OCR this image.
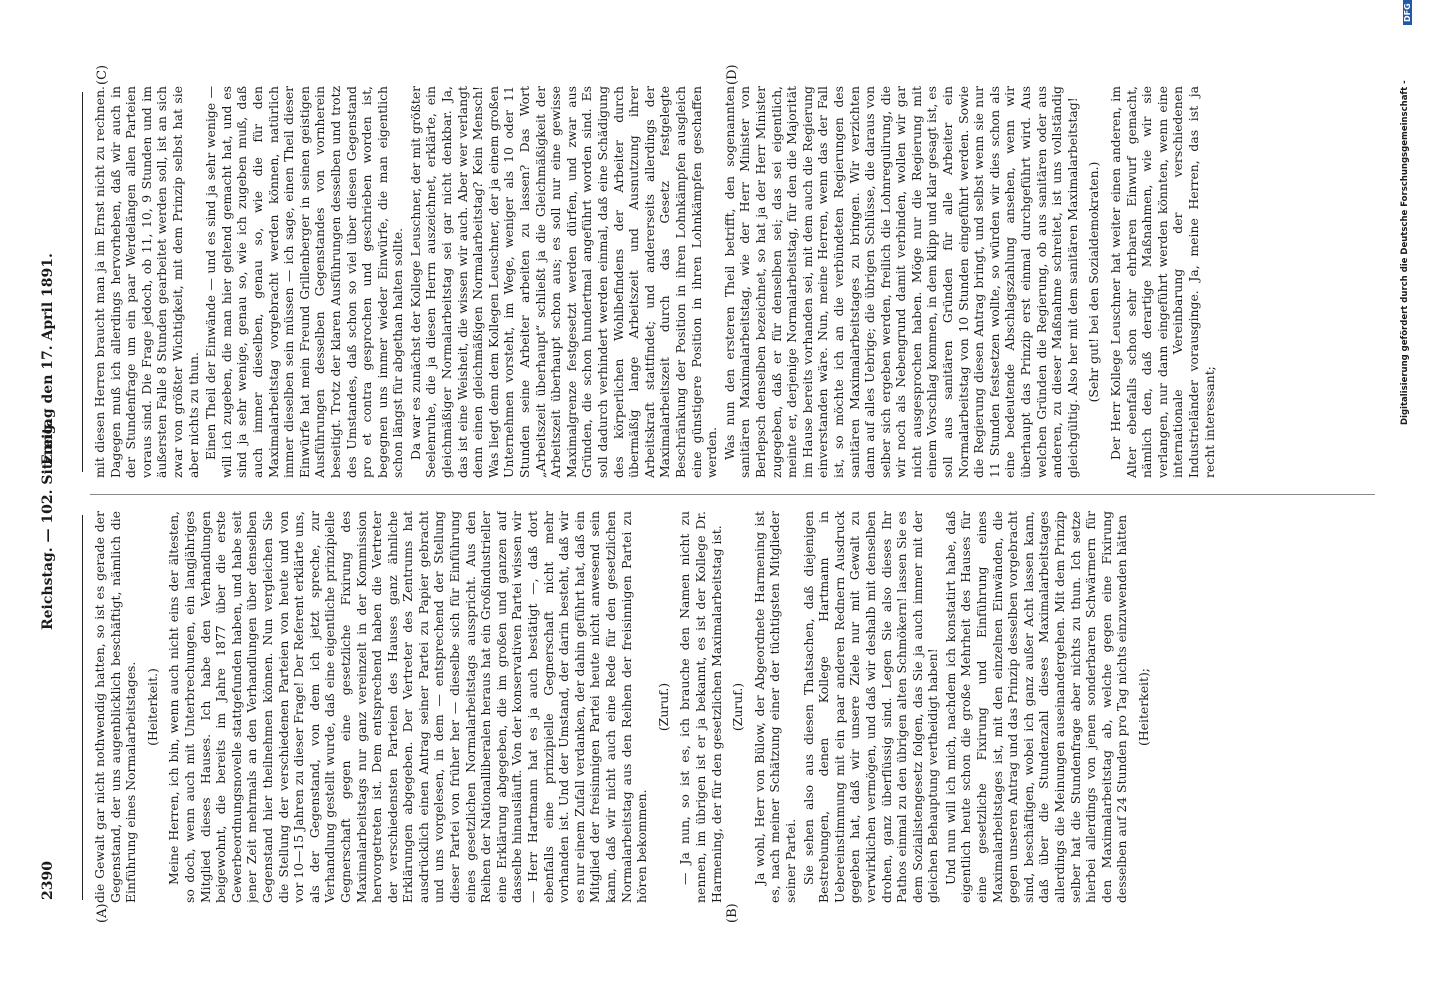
2390
Reichstag. — 102. Sitzung.
Freitag den 17. April 1891.
(A)	(B)
(C)	(D)

die Gewalt gar nicht nothwendig hatten, so ist es gerade der Gegenstand, der uns augenblicklich beschäftigt, nämlich die Einführung eines Normalarbeitstages. (Heiterkeit.) Meine Herren, ich bin, wenn auch nicht eins der ältesten, so doch, wenn auch mit Unterbrechungen, ein langjähriges Mitglied dieses Hauses. Ich habe den Verhandlungen beigewohnt, die bereits im Jahre 1877 über die erste Gewerbeordnungsnovelle stattgefunden haben, und habe seit jener Zeit mehrmals an den Verhandlungen über denselben Gegenstand hier theilnehmen können. Nun vergleichen Sie die Stellung der verschiedenen Parteien von heute und von vor 10—15 Jahren zu dieser Frage! Der Referent erklärte uns, als der Gegenstand, von dem ich jetzt spreche, zur Verhandlung gestellt wurde, daß eine eigentliche prinzipielle Gegnerschaft gegen eine gesetzliche Fixirung des Maximalarbeitstags nur ganz vereinzelt in der Kommission hervorgetreten ist. Dem entsprechend haben die Vertreter der verschiedensten Parteien des Hauses ganz ähnliche Erklärungen abgegeben. Der Vertreter des Zentrums hat ausdrücklich einen Antrag seiner Partei zu Papier gebracht und uns vorgelesen, in dem — entsprechend der Stellung dieser Partei von früher her — dieselbe sich für Einführung eines gesetzlichen Normalarbeitstags ausspricht. Aus den Reihen der Nationalliberalen heraus hat ein Großindustrieller eine Erklärung abgegeben, die im großen und ganzen auf dasselbe hinausläuft. Von der konservativen Partei wissen wir — Herr Hartmann hat es ja auch bestätigt —, daß dort ebenfalls eine prinzipielle Gegnerschaft nicht mehr vorhanden ist. Und der Umstand, der darin besteht, daß wir es nur einem Zufall verdanken, der dahin geführt hat, daß ein Mitglied der freisinnigen Partei heute nicht anwesend sein kann, daß wir nicht auch eine Rede für den gesetzlichen Normalarbeitstag aus den Reihen der freisinnigen Partei zu hören bekommen.

(Zuruf.) — Ja nun, so ist es, ich brauche den Namen nicht zu nennen, im übrigen ist er ja bekannt, es ist der Kollege Dr. Harmening, der für den gesetzlichen Maximalarbeitstag ist. (Zuruf.) Ja wohl, Herr von Bülow, der Abgeordnete Harmening ist es, nach meiner Schätzung einer der tüchtigsten Mitglieder seiner Partei. Sie sehen also aus diesen Thatsachen, daß diejenigen Bestrebungen, denen Kollege Hartmann in Uebereinstimmung mit ein paar anderen Rednern Ausdruck gegeben hat, daß wir unsere Ziele nur mit Gewalt zu verwirklichen vermögen, und daß wir deshalb mit denselben drohen, ganz überflüssig sind. Legen Sie also dieses Ihr Pathos einmal zu den übrigen alten Schmökern! lassen Sie es dem Sozialistengesetz folgen, das Sie ja auch immer mit der gleichen Behauptung vertheidigt haben! Und nun will ich mich, nachdem ich konstatirt habe, daß eigentlich heute schon die große Mehrheit des Hauses für eine gesetzliche Fixirung und Einführung eines Maximalarbeitstages ist, mit den einzelnen Einwänden, die gegen unseren Antrag und das Prinzip desselben vorgebracht sind, beschäftigen, wobei ich ganz außer Acht lassen kann, daß über die Stundenzahl dieses Maximalarbeitstages allerdings die Meinungen auseinandergehen. Mit dem Prinzip selber hat die Stundenfrage aber nichts zu thun. Ich setze hierbei allerdings von jenen sonderbaren Schwärmern für den Maximalarbeitstag ab, welche gegen eine Fixirung desselben auf 24 Stunden pro Tag nichts einzuwenden hätten (Heiterkeit);

mit diesen Herren braucht man ja im Ernst nicht zu rechnen. Dagegen muß ich allerdings hervorheben, daß wir auch in der Stundenfrage um ein paar Werdelängen allen Parteien voraus sind. Die Frage jedoch, ob 11, 10, 9 Stunden und im äußersten Falle 8 Stunden gearbeitet werden soll, ist an sich zwar von größter Wichtigkeit, mit dem Prinzip selbst hat sie aber nichts zu thun. Einen Theil der Einwände — und es sind ja sehr wenige — will ich zugeben, die man hier geltend gemacht hat, und es sind ja sehr wenige, genau so, wie ich zugeben muß, daß auch immer dieselben, genau so, wie die für den Maximalarbeitstag vorgebracht werden können, natürlich immer dieselben sein müssen — ich sage, einen Theil dieser Einwürfe hat mein Freund Grillenberger in seinen geistigen Ausführungen desselben Gegenstandes von vornherein beseitigt. Trotz der klaren Ausführungen desselben und trotz des Umstandes, daß schon so viel über diesen Gegenstand pro et contra gesprochen und geschrieben worden ist, begegnen uns immer wieder Einwürfe, die man eigentlich schon längst für abgethan halten sollte. Da war es zunächst der Kollege Leuschner, der mit größter Seelenruhe, die ja diesen Herrn auszeichnet, erklärte, ein gleichmäßiger Normalarbeitstag sei gar nicht denkbar. Ja, das ist eine Weisheit, die wissen wir auch. Aber wer verlangt denn einen gleichmäßigen Normalarbeitstag? Kein Mensch! Was liegt denn dem Kollegen Leuschner, der ja einem großen Unternehmen vorsteht, im Wege, weniger als 10 oder 11 Stunden seine Arbeiter arbeiten zu lassen? Das Wort „Arbeitszeit überhaupt“ schließt ja die Gleichmäßigkeit der Arbeitszeit überhaupt schon aus; es soll nur eine gewisse Maximalgrenze festgesetzt werden dürfen, und zwar aus Gründen, die schon hundertmal angeführt worden sind. Es soll dadurch verhindert werden einmal, daß eine Schädigung des körperlichen Wohlbefindens der Arbeiter durch übermäßig lange Arbeitszeit und Ausnutzung ihrer Arbeitskraft stattfindet; und andererseits allerdings der Maximalarbeitszeit durch das Gesetz festgelegte Beschränkung der Position in ihren Lohnkämpfen ausgleich eine günstigere Position in ihren Lohnkämpfen geschaffen werden. Was nun den ersteren Theil betrifft, den sogenannten sanitären Maximalarbeitstag, wie der Herr Minister von Berlepsch denselben bezeichnet, so hat ja der Herr Minister zugegeben, daß er für denselben sei; das sei eigentlich, meinte er, derjenige Normalarbeitstag, für den die Majorität im Hause bereits vorhanden sei, mit dem auch die Regierung einverstanden wäre. Nun, meine Herren, wenn das der Fall ist, so möchte ich an die verbündeten Regierungen des sanitären Maximalarbeitstages zu bringen. Wir verzichten dann auf alles Uebrige; die übrigen Schlüsse, die daraus von selber sich ergeben werden, freilich die Lohnregulirung, die wir noch als Nebengrund damit verbinden, wollen wir gar nicht ausgesprochen haben. Möge nur die Regierung mit einem Vorschlag kommen, in dem klipp und klar gesagt ist, es soll aus sanitären Gründen für alle Arbeiter ein Normalarbeitstag von 10 Stunden eingeführt werden. Sowie die Regierung diesen Antrag bringt, und selbst wenn sie nur 11 Stunden festsetzen wollte, so würden wir dies schon als eine bedeutende Abschlagszahlung ansehen, wenn wir überhaupt das Prinzip erst einmal durchgeführt wird. Aus welchen Gründen die Regierung, ob aus sanitären oder aus anderen, zu dieser Maßnahme schreitet, ist uns vollständig gleichgültig. Also her mit dem sanitären Maximalarbeitstag! (Sehr gut! bei den Sozialdemokraten.) Der Herr Kollege Leuschner hat weiter einen anderen, im Alter ebenfalls schon sehr ehrbaren Einwurf gemacht, nämlich den, daß derartige Maßnahmen, wie wir sie verlangen, nur dann eingeführt werden könnten, wenn eine internationale Vereinbarung der verschiedenen Industrieländer vorausginge. Ja, meine Herren, das ist ja recht interessant;	Digitalisierung gefördert durch die Deutsche Forschungsgemeinschaft -
DFG
